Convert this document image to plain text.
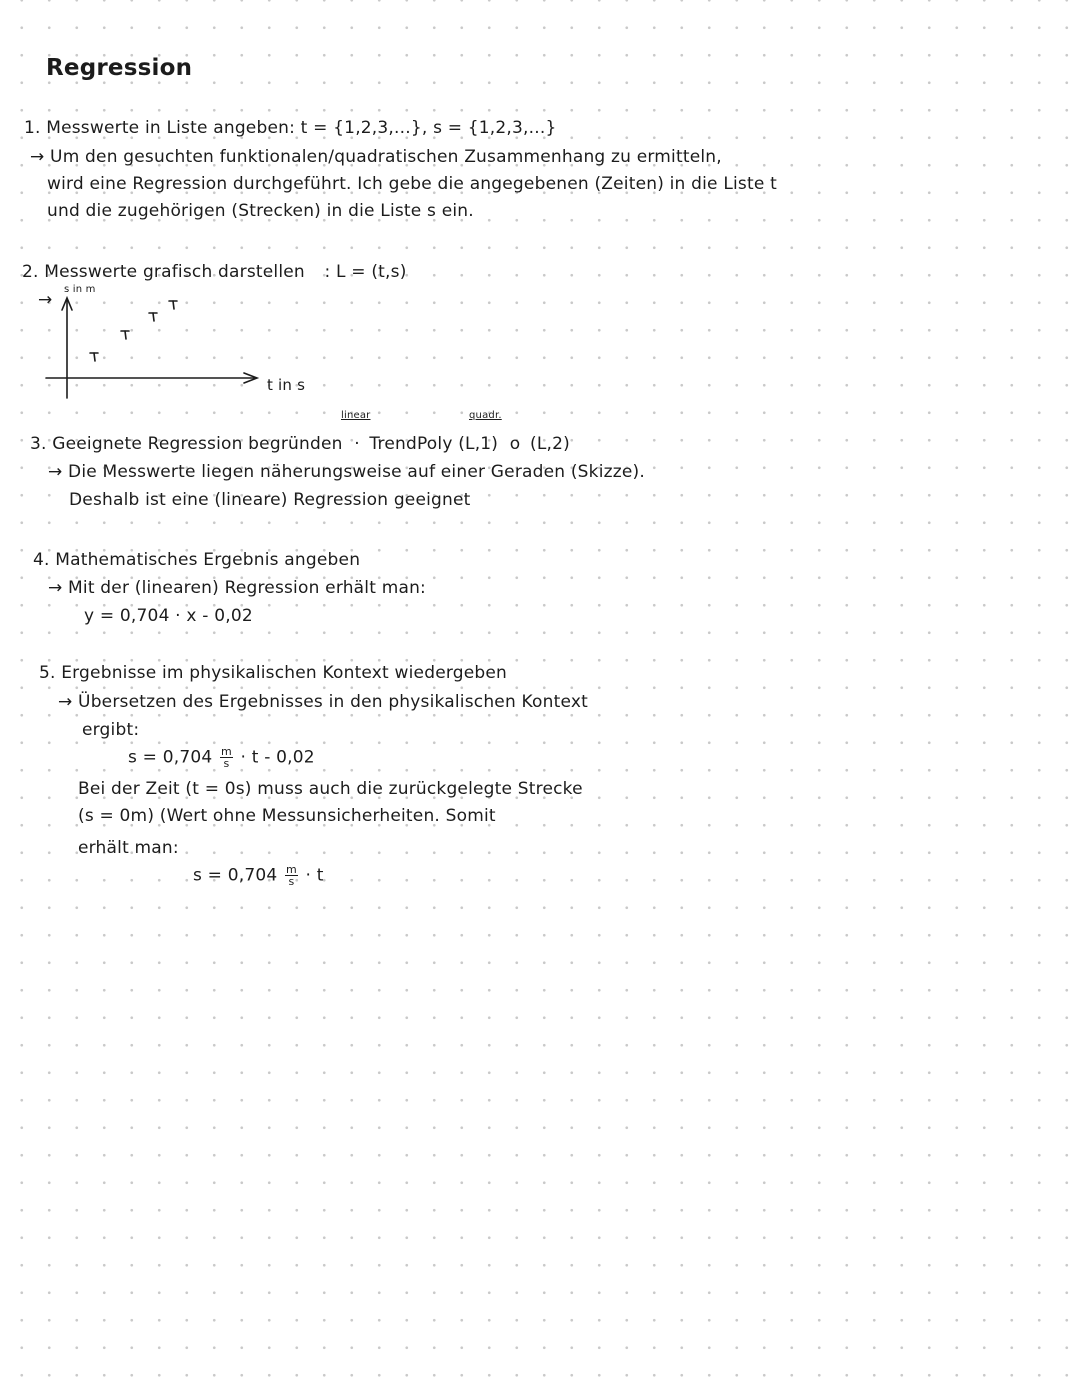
Regression
1. Messwerte in Liste angeben: t = {1,2,3,...}, s = {1,2,3,...}
→ Um den gesuchten funktionalen/quadratischen Zusammenhang zu ermitteln,
wird eine Regression durchgeführt. Ich gebe die angegebenen (Zeiten) in die Liste t
und die zugehörigen (Strecken) in die Liste s ein.
2. Messwerte grafisch darstellen : L = (t,s)
→
s in m
t in s
linear	quadr.
3. Geeignete Regression begründen · TrendPoly (L,1) o (L,2)
→ Die Messwerte liegen näherungsweise auf einer Geraden (Skizze).
Deshalb ist eine (lineare) Regression geeignet
4. Mathematisches Ergebnis angeben
→ Mit der (linearen) Regression erhält man:
y = 0,704 · x - 0,02
5. Ergebnisse im physikalischen Kontext wiedergeben
→ Übersetzen des Ergebnisses in den physikalischen Kontext
ergibt:
$s = 0,704 \frac{m}{s} \cdot t - 0,02$
Bei der Zeit (t = 0s) muss auch die zurückgelegte Strecke
(s = 0m) (Wert ohne Messunsicherheiten. Somit
erhält man:
$s = 0,704 \frac{m}{s} \cdot t$
